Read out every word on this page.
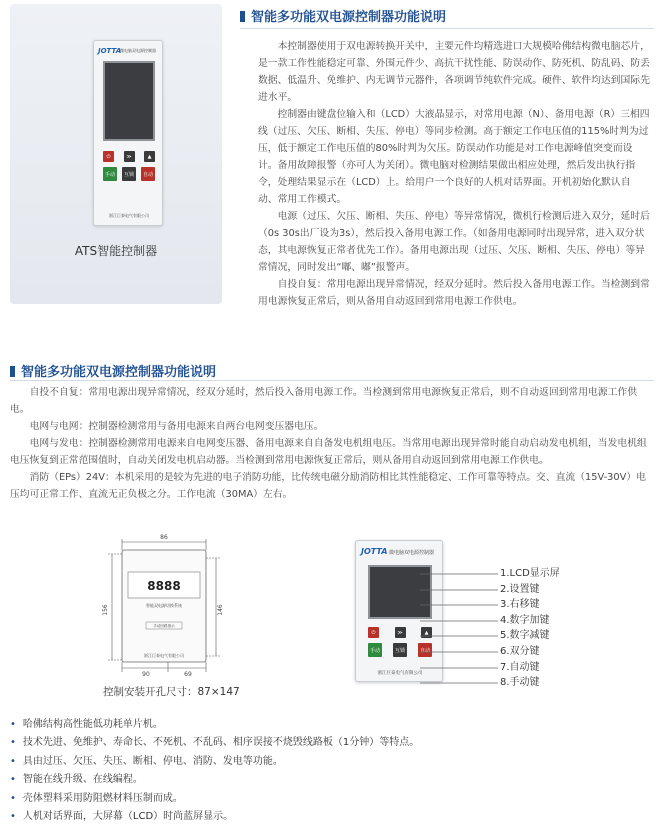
JOTTA
微电脑双电源控制器
⏻	≫	▲
手动	互锁	自动
浙江巨泰电气有限公司
ATS智能控制器
智能多功能双电源控制器功能说明

本控制器使用于双电源转换开关中，主要元件均精选进口大规模哈佛结构微电脑芯片，是一款工作性能稳定可靠、外围元件少、高抗干扰性能、防误动作、防死机、防乱码、防丢数据、低温升、免维护、内无调节元器件，各项调节纯软件完成。硬件、软件均达到国际先进水平。

控制器由键盘位输入和（LCD）大液晶显示，对常用电源（N）、备用电源（R）三相四线（过压、欠压、断相、失压、停电）等同步检测。高于额定工作电压值的115%时判为过压，低于额定工作电压值的80%时判为欠压。防误动作功能是对工作电源峰值突变而设计。备用故障报警（亦可人为关闭）。微电脑对检测结果做出相应处理，然后发出执行指令，处理结果显示在（LCD）上。给用户一个良好的人机对话界面。开机初始化默认自动、常用工作模式。

电源（过压、欠压、断相、失压、停电）等异常情况，微机行检测后进入双分，延时后（0s 30s出厂设为3s），然后投入备用电源工作。（如备用电源同时出现异常，进入双分状态，其电源恢复正常者优先工作）。备用电源出现（过压、欠压、断相、失压、停电）等异常情况，同时发出“嘟、嘟”报警声。

自投自复：常用电源出现异常情况，经双分延时。然后投入备用电源工作。当检测到常用电源恢复正常后，则从备用自动返回到常用电源工作供电。

智能多功能双电源控制器功能说明

自投不自复：常用电源出现异常情况，经双分延时，然后投入备用电源工作。当检测到常用电源恢复正常后，则不自动返回到常用电源工作供电。

电网与电网：控制器检测常用与备用电源来自两台电网变压器电压。

电网与发电：控制器检测常用电源来自电网变压器、备用电源来自自备发电机组电压。当常用电源出现异常时能自动启动发电机组，当发电机组电压恢复到正常范围值时，自动关闭发电机启动器。当检测到常用电源恢复正常后，则从备用自动返回到常用电源工作供电。

消防（EPs）24V：本机采用的是较为先进的电子消防功能，比传统电磁分励消防相比其性能稳定、工作可靠等特点。交、直流（15V-30V）电压均可正常工作、直流无正负极之分。工作电流（30MA）左右。

86
8888
智能双电源切换系统
手动回路指示
浙江巨泰电气有限公司
156	146
90	69
控制安装开孔尺寸：87×147
JOTTA 微电脑双电源控制器
⏻	≫	▲
手动	互锁	自动
浙江巨泰电气有限公司
1.LCD显示屏
2.设置键
3.右移键
4.数字加键
5.数字减键
6.双分键
7.自动键
8.手动键
• 哈佛结构高性能低功耗单片机。
• 技术先进、免维护、寿命长、不死机、不乱码、相序误接不烧毁线路板（1分钟）等特点。
• 具由过压、欠压、失压、断相、停电、消防、发电等功能。
• 智能在线升级、在线编程。
• 壳体塑料采用防阻燃材料压制而成。
• 人机对话界面，大屏幕（LCD）时尚蓝屏显示。
